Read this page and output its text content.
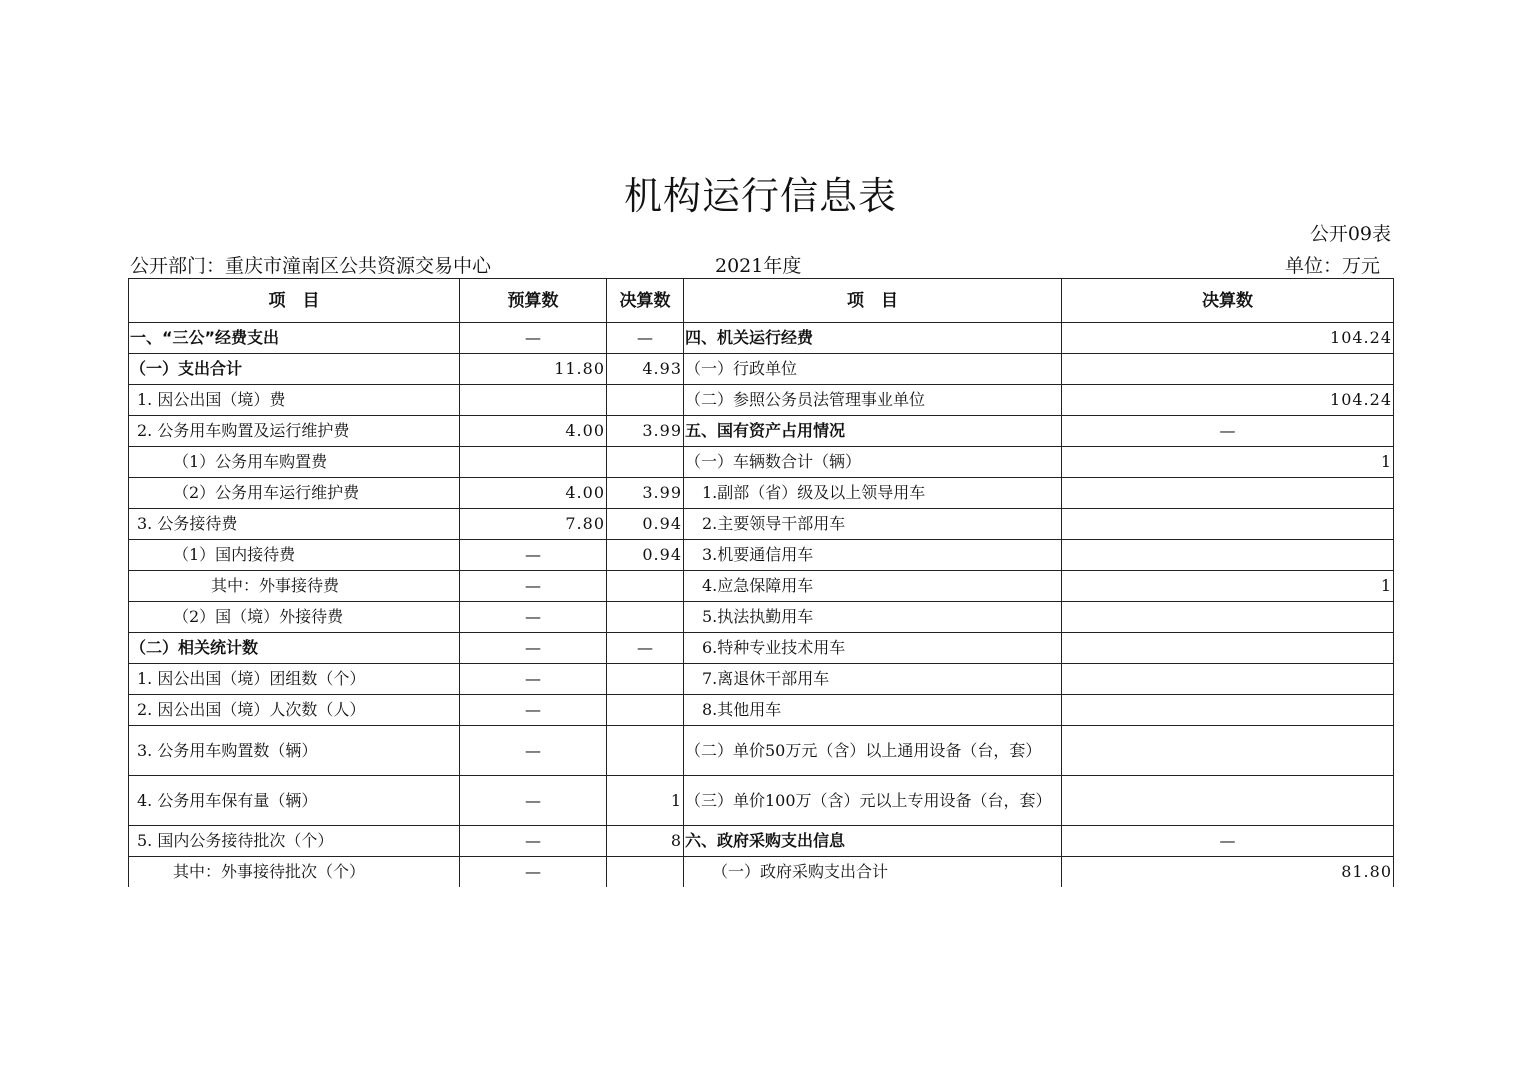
机构运行信息表
公开09表
公开部门：重庆市潼南区公共资源交易中心	2021年度	单位：万元
项　目	预算数	决算数	项　目	决算数
一、“三公”经费支出	—	—	四、机关运行经费	104.24
（一）支出合计	11.80	4.93	（一）行政单位	
1. 因公出国（境）费			（二）参照公务员法管理事业单位	104.24
2. 公务用车购置及运行维护费	4.00	3.99	五、国有资产占用情况	—
（1）公务用车购置费			（一）车辆数合计（辆）	1
（2）公务用车运行维护费	4.00	3.99	1.副部（省）级及以上领导用车	
3. 公务接待费	7.80	0.94	2.主要领导干部用车	
（1）国内接待费	—	0.94	3.机要通信用车	
其中：外事接待费	—		4.应急保障用车	1
（2）国（境）外接待费	—		5.执法执勤用车	
（二）相关统计数	—	—	6.特种专业技术用车	
1. 因公出国（境）团组数（个）	—		7.离退休干部用车	
2. 因公出国（境）人次数（人）	—		8.其他用车	
3. 公务用车购置数（辆）	—		（二）单价50万元（含）以上通用设备（台，套）	
4. 公务用车保有量（辆）	—	1	（三）单价100万（含）元以上专用设备（台，套）	
5. 国内公务接待批次（个）	—	8	六、政府采购支出信息	—
其中：外事接待批次（个）	—		（一）政府采购支出合计	81.80
